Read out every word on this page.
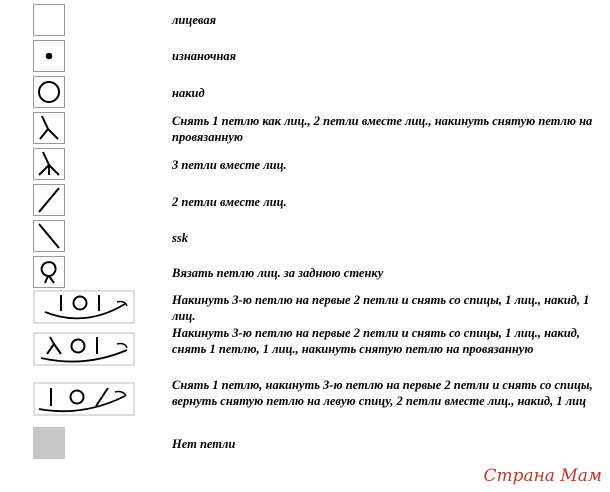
лицевая
изнаночная
накид
Снять 1 петлю как лиц., 2 петли вместе лиц., накинуть снятую петлю на провязанную
3 петли вместе лиц.
2 петли вместе лиц.
ssk
Вязать петлю лиц. за заднюю стенку
Накинуть 3-ю петлю на первые 2 петли и снять со спицы, 1 лиц., накид, 1 лиц.
Накинуть 3-ю петлю на первые 2 петли и снять со спицы, 1 лиц., накид, снять 1 петлю, 1 лиц., накинуть снятую петлю на провязанную
Снять 1 петлю, накинуть 3-ю петлю на первые 2 петли и снять со спицы, вернуть снятую петлю на левую спицу, 2 петли вместе лиц., накид, 1 лиц
Нет петли
Страна Мам
